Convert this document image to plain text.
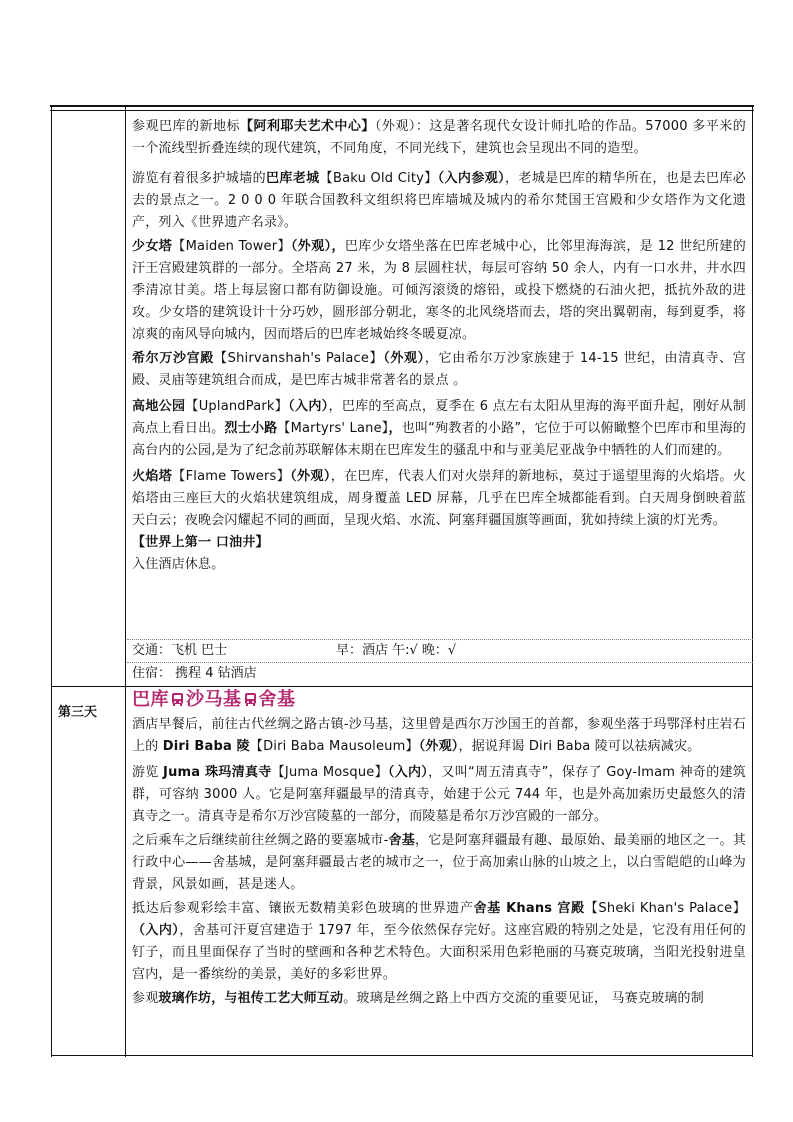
参观巴库的新地标【阿利耶夫艺术中心】（外观）：这是著名现代女设计师扎哈的作品。57000 多平米的一个流线型折叠连续的现代建筑，不同角度，不同光线下，建筑也会呈现出不同的造型。

游览有着很多护城墙的巴库老城【Baku Old City】（入内参观），老城是巴库的精华所在，也是去巴库必去的景点之一。2 0 0 0 年联合国教科文组织将巴库墙城及城内的希尔梵国王宫殿和少女塔作为文化遗产，列入《世界遗产名录》。

少女塔【Maiden Tower】（外观），巴库少女塔坐落在巴库老城中心，比邻里海海滨，是 12 世纪所建的汗王宫殿建筑群的一部分。全塔高 27 米，为 8 层圆柱状，每层可容纳 50 余人，内有一口水井，井水四季清凉甘美。塔上每层窗口都有防御设施。可倾泻滚烫的熔铅，或投下燃烧的石油火把，抵抗外敌的进攻。少女塔的建筑设计十分巧妙，圆形部分朝北，寒冬的北风绕塔而去，塔的突出翼朝南，每到夏季，将凉爽的南风导向城内，因而塔后的巴库老城始终冬暖夏凉。

希尔万沙宫殿【Shirvanshah's Palace】（外观），它由希尔万沙家族建于 14-15 世纪，由清真寺、宫殿、灵庙等建筑组合而成，是巴库古城非常著名的景点 。

高地公园【UplandPark】（入内），巴库的至高点，夏季在 6 点左右太阳从里海的海平面升起，刚好从制高点上看日出。烈士小路【Martyrs' Lane】，也叫“殉教者的小路”，它位于可以俯瞰整个巴库市和里海的高台内的公园,是为了纪念前苏联解体末期在巴库发生的骚乱中和与亚美尼亚战争中牺牲的人们而建的。

火焰塔【Flame Towers】（外观），在巴库，代表人们对火崇拜的新地标，莫过于遥望里海的火焰塔。火焰塔由三座巨大的火焰状建筑组成，周身覆盖 LED 屏幕，几乎在巴库全城都能看到。白天周身倒映着蓝天白云；夜晚会闪耀起不同的画面，呈现火焰、水流、阿塞拜疆国旗等画面，犹如持续上演的灯光秀。

【世界上第一 口油井】

入住酒店休息。

交通：飞机 巴士	早：酒店 午:√ 晚：√
住宿： 携程 4 钻酒店
第三天
巴库 沙马基 舍基

酒店早餐后，前往古代丝绸之路古镇-沙马基，这里曾是西尔万沙国王的首都，参观坐落于玛鄂泽村庄岩石上的 Diri Baba 陵【Diri Baba Mausoleum】（外观），据说拜谒 Diri Baba 陵可以祛病减灾。

游览 Juma 珠玛清真寺【Juma Mosque】（入内），又叫“周五清真寺”，保存了 Goy-Imam 神奇的建筑群，可容纳 3000 人。它是阿塞拜疆最早的清真寺，始建于公元 744 年，也是外高加索历史最悠久的清真寺之一。清真寺是希尔万沙宫陵墓的一部分，而陵墓是希尔万沙宫殿的一部分。

之后乘车之后继续前往丝绸之路的要塞城市-舍基，它是阿塞拜疆最有趣、最原始、最美丽的地区之一。其行政中心——舍基城，是阿塞拜疆最古老的城市之一，位于高加索山脉的山坡之上，以白雪皑皑的山峰为背景，风景如画，甚是迷人。

抵达后参观彩绘丰富、镶嵌无数精美彩色玻璃的世界遗产舍基 Khans 宫殿【Sheki Khan's Palace】（入内），舍基可汗夏宫建造于 1797 年，至今依然保存完好。这座宫殿的特别之处是，它没有用任何的钉子，而且里面保存了当时的壁画和各种艺术特色。大面积采用色彩艳丽的马赛克玻璃，当阳光投射进皇宫内，是一番缤纷的美景，美好的多彩世界。

参观玻璃作坊，与祖传工艺大师互动。玻璃是丝绸之路上中西方交流的重要见证， 马赛克玻璃的制
